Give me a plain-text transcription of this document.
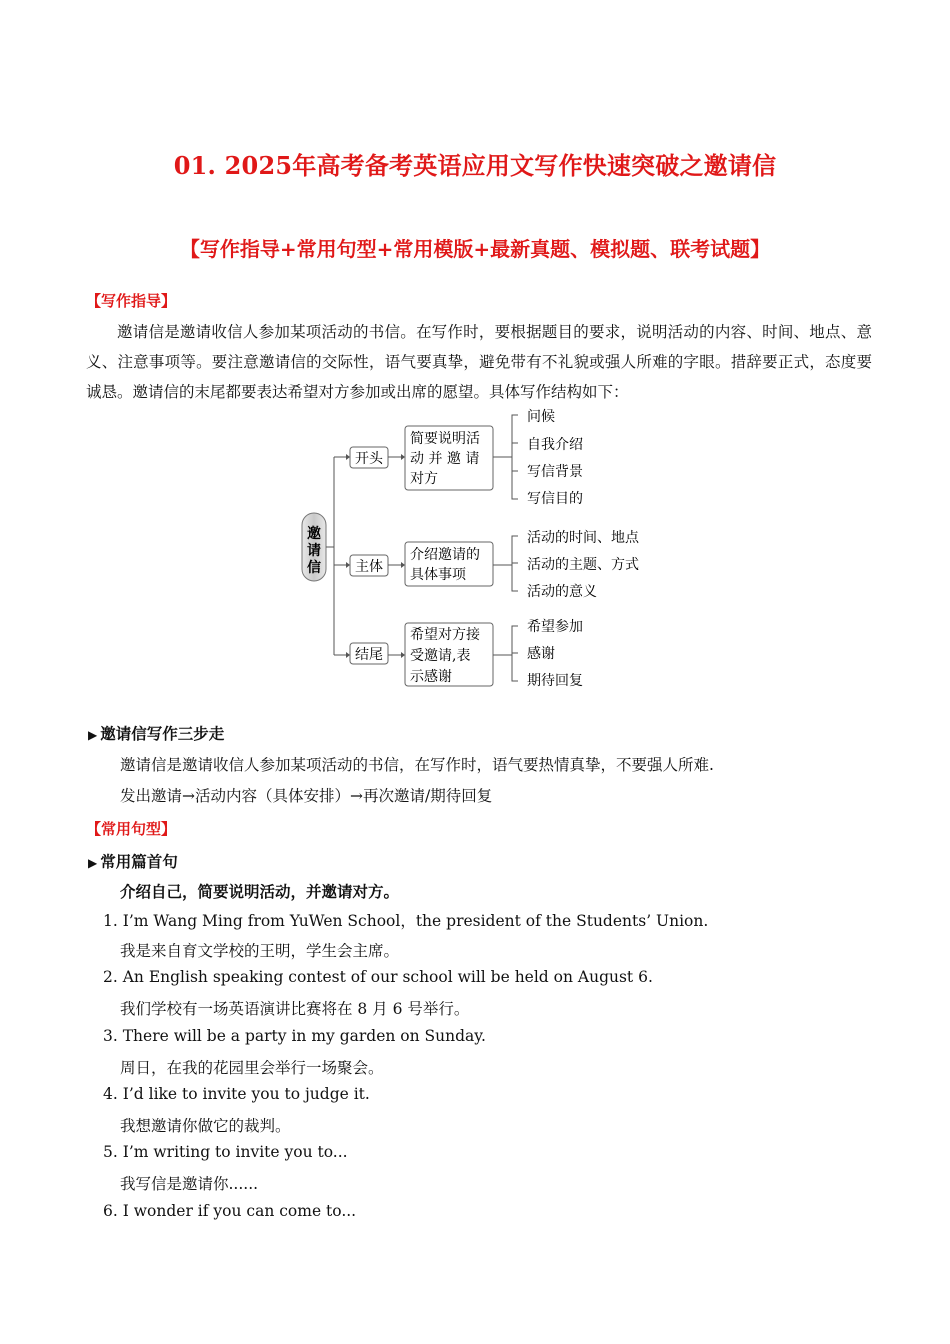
01. 2025年高考备考英语应用文写作快速突破之邀请信
【写作指导+常用句型+常用模版+最新真题、模拟题、联考试题】
【写作指导】
邀请信是邀请收信人参加某项活动的书信。在写作时，要根据题目的要求，说明活动的内容、时间、地点、意义、注意事项等。要注意邀请信的交际性，语气要真挚，避免带有不礼貌或强人所难的字眼。措辞要正式，态度要诚恳。邀请信的末尾都要表达希望对方参加或出席的愿望。具体写作结构如下：
邀
请
信
开头
简要说明活
动 并 邀 请
对方
问候
自我介绍
写信背景
写信目的
主体
介绍邀请的
具体事项
活动的时间、地点
活动的主题、方式
活动的意义
结尾
希望对方接
受邀请,表
示感谢
希望参加
感谢
期待回复
▶ 邀请信写作三步走
邀请信是邀请收信人参加某项活动的书信，在写作时，语气要热情真挚，不要强人所难.
发出邀请→活动内容（具体安排）→再次邀请/期待回复
【常用句型】
▶ 常用篇首句
介绍自己，简要说明活动，并邀请对方。
1. I’m Wang Ming from YuWen School，the president of the Students’ Union.
我是来自育文学校的王明，学生会主席。
2. An English speaking contest of our school will be held on August 6.
我们学校有一场英语演讲比赛将在 8 月 6 号举行。
3. There will be a party in my garden on Sunday.
周日，在我的花园里会举行一场聚会。
4. I’d like to invite you to judge it.
我想邀请你做它的裁判。
5. I’m writing to invite you to...
我写信是邀请你......
6. I wonder if you can come to...
